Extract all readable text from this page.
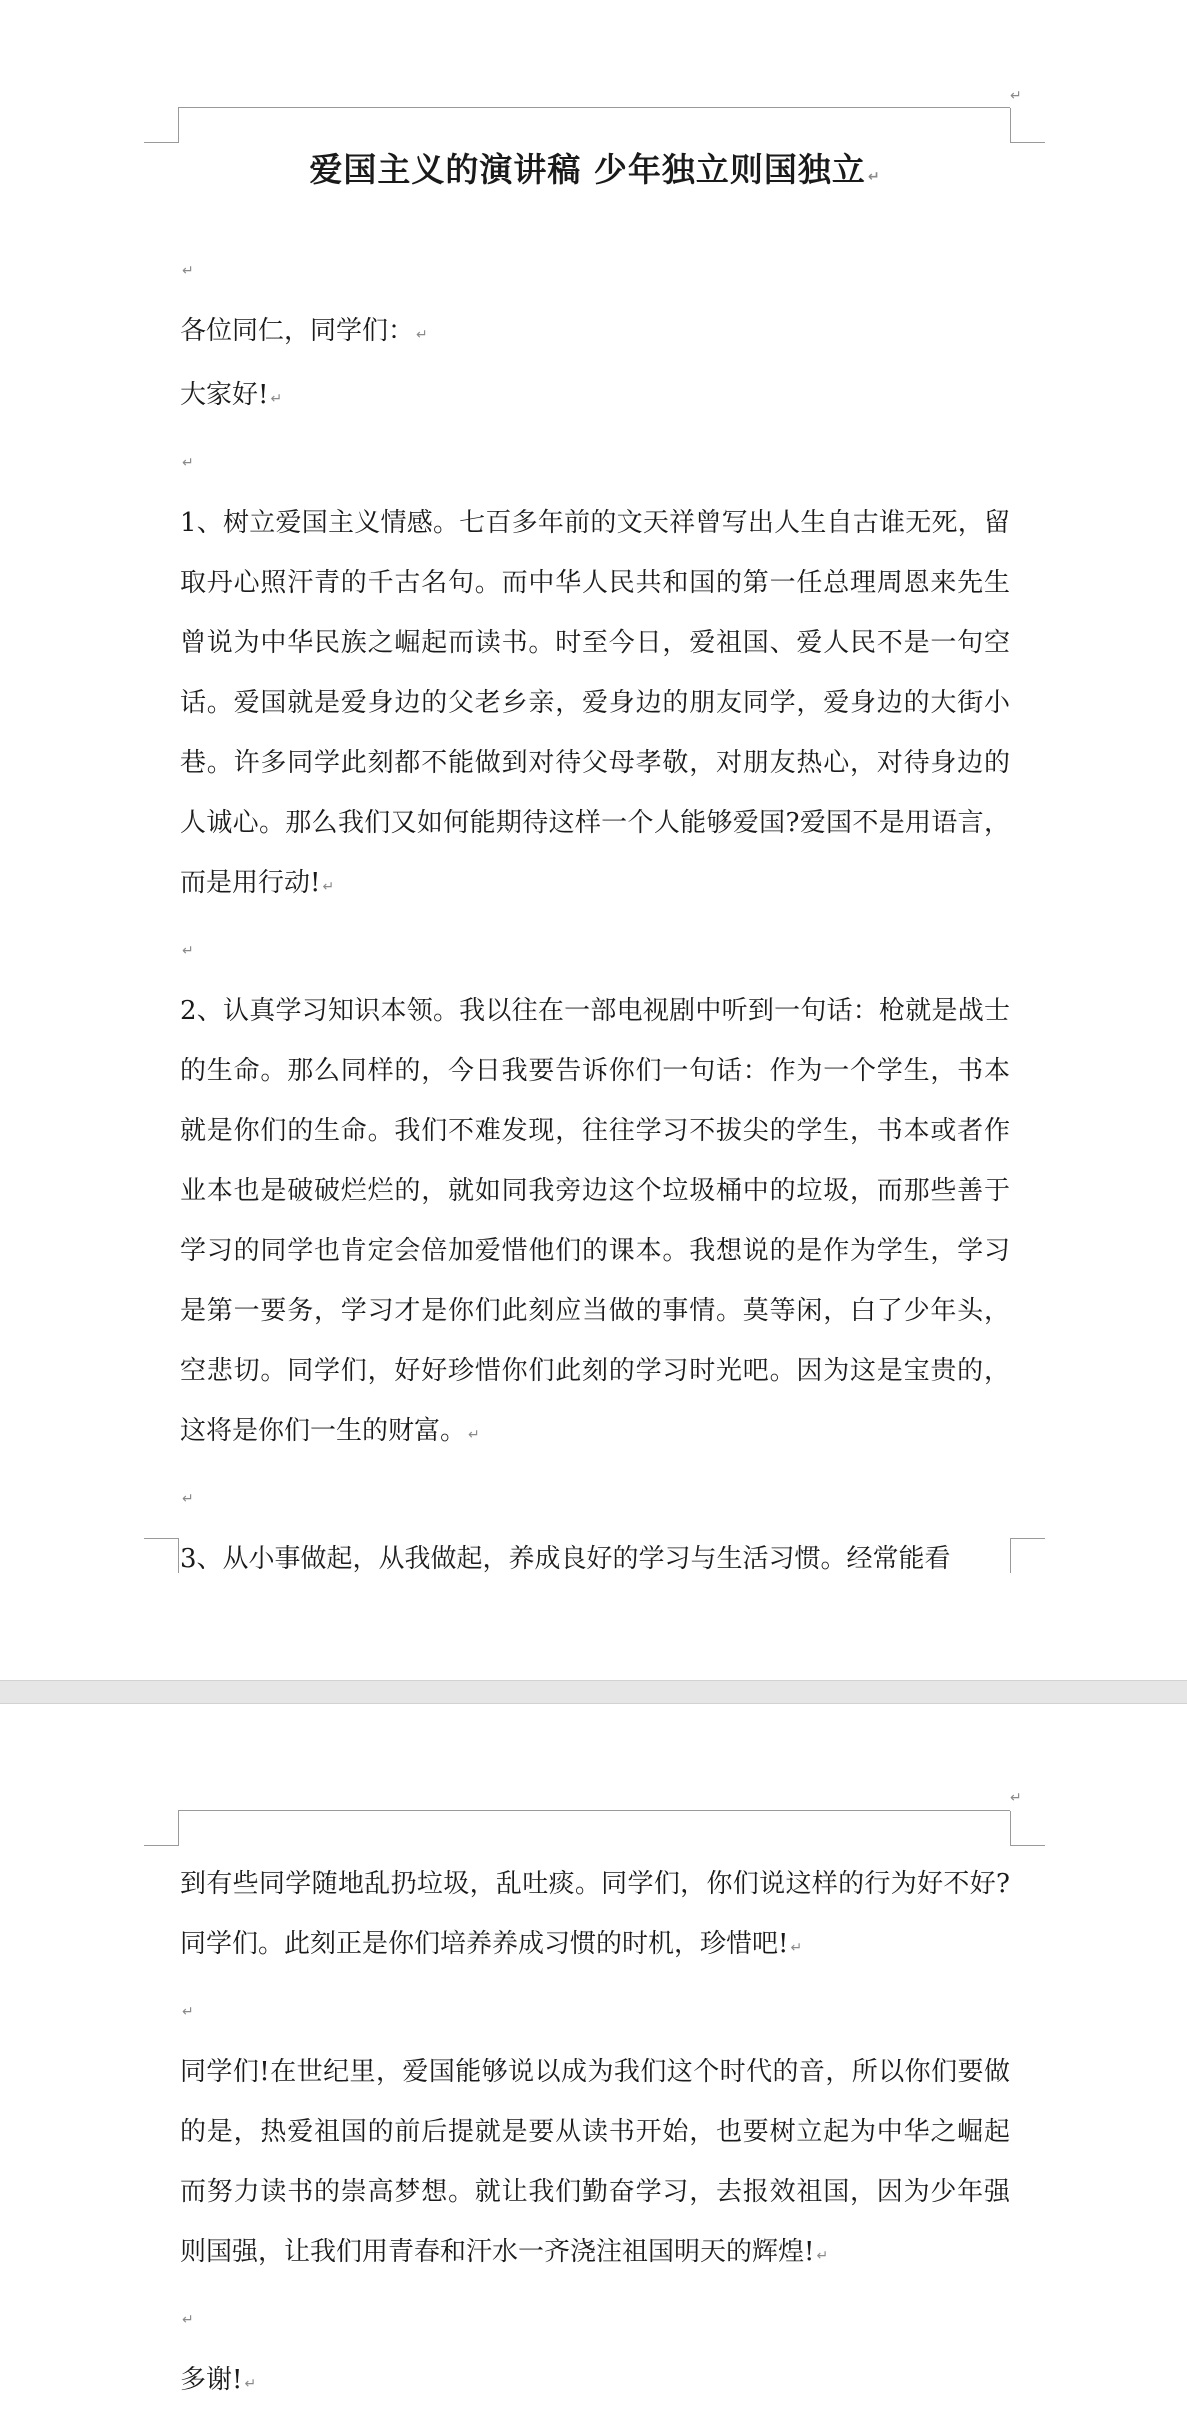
↵
爱国主义的演讲稿 少年独立则国独立 ↵

↵

各位同仁，同学们： ↵

大家好! ↵

↵

1、树立爱国主义情感。七百多年前的文天祥曾写出人生自古谁无死，留取丹心照汗青的千古名句。而中华人民共和国的第一任总理周恩来先生曾说为中华民族之崛起而读书。时至今日，爱祖国、爱人民不是一句空话。爱国就是爱身边的父老乡亲，爱身边的朋友同学，爱身边的大街小巷。许多同学此刻都不能做到对待父母孝敬，对朋友热心，对待身边的人诚心。那么我们又如何能期待这样一个人能够爱国?爱国不是用语言，而是用行动! ↵

↵

2、认真学习知识本领。我以往在一部电视剧中听到一句话：枪就是战士的生命。那么同样的，今日我要告诉你们一句话：作为一个学生，书本就是你们的生命。我们不难发现，往往学习不拔尖的学生，书本或者作业本也是破破烂烂的，就如同我旁边这个垃圾桶中的垃圾，而那些善于学习的同学也肯定会倍加爱惜他们的课本。我想说的是作为学生，学习是第一要务，学习才是你们此刻应当做的事情。莫等闲，白了少年头，空悲切。同学们，好好珍惜你们此刻的学习时光吧。因为这是宝贵的，这将是你们一生的财富。 ↵

↵

3、从小事做起，从我做起，养成良好的学习与生活习惯。经常能看

↵

到有些同学随地乱扔垃圾，乱吐痰。同学们，你们说这样的行为好不好?同学们。此刻正是你们培养养成习惯的时机，珍惜吧! ↵

↵

同学们!在世纪里，爱国能够说以成为我们这个时代的音，所以你们要做的是，热爱祖国的前后提就是要从读书开始，也要树立起为中华之崛起而努力读书的崇高梦想。就让我们勤奋学习，去报效祖国，因为少年强则国强，让我们用青春和汗水一齐浇注祖国明天的辉煌! ↵

↵

多谢! ↵
